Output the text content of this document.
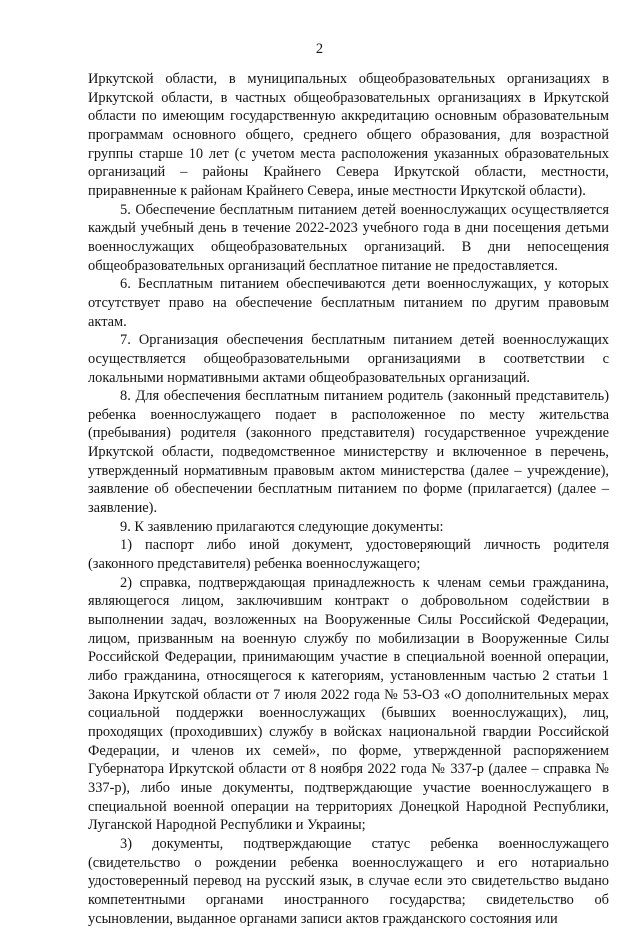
2

Иркутской области, в муниципальных общеобразовательных организациях в Иркутской области, в частных общеобразовательных организациях в Иркутской области по имеющим государственную аккредитацию основным образовательным программам основного общего, среднего общего образования, для возрастной группы старше 10 лет (с учетом места расположения указанных образовательных организаций – районы Крайнего Севера Иркутской области, местности, приравненные к районам Крайнего Севера, иные местности Иркутской области).

5. Обеспечение бесплатным питанием детей военнослужащих осуществляется каждый учебный день в течение 2022-2023 учебного года в дни посещения детьми военнослужащих общеобразовательных организаций. В дни непосещения общеобразовательных организаций бесплатное питание не предоставляется.

6. Бесплатным питанием обеспечиваются дети военнослужащих, у которых отсутствует право на обеспечение бесплатным питанием по другим правовым актам.

7. Организация обеспечения бесплатным питанием детей военнослужащих осуществляется общеобразовательными организациями в соответствии с локальными нормативными актами общеобразовательных организаций.

8. Для обеспечения бесплатным питанием родитель (законный представитель) ребенка военнослужащего подает в расположенное по месту жительства (пребывания) родителя (законного представителя) государственное учреждение Иркутской области, подведомственное министерству и включенное в перечень, утвержденный нормативным правовым актом министерства (далее – учреждение), заявление об обеспечении бесплатным питанием по форме (прилагается) (далее – заявление).

9. К заявлению прилагаются следующие документы:

1) паспорт либо иной документ, удостоверяющий личность родителя (законного представителя) ребенка военнослужащего;

2) справка, подтверждающая принадлежность к членам семьи гражданина, являющегося лицом, заключившим контракт о добровольном содействии в выполнении задач, возложенных на Вооруженные Силы Российской Федерации, лицом, призванным на военную службу по мобилизации в Вооруженные Силы Российской Федерации, принимающим участие в специальной военной операции, либо гражданина, относящегося к категориям, установленным частью 2 статьи 1 Закона Иркутской области от 7 июля 2022 года № 53-ОЗ «О дополнительных мерах социальной поддержки военнослужащих (бывших военнослужащих), лиц, проходящих (проходивших) службу в войсках национальной гвардии Российской Федерации, и членов их семей», по форме, утвержденной распоряжением Губернатора Иркутской области от 8 ноября 2022 года № 337-р (далее – справка № 337-р), либо иные документы, подтверждающие участие военнослужащего в специальной военной операции на территориях Донецкой Народной Республики, Луганской Народной Республики и Украины;

3) документы, подтверждающие статус ребенка военнослужащего (свидетельство о рождении ребенка военнослужащего и его нотариально удостоверенный перевод на русский язык, в случае если это свидетельство выдано компетентными органами иностранного государства; свидетельство об усыновлении, выданное органами записи актов гражданского состояния или
